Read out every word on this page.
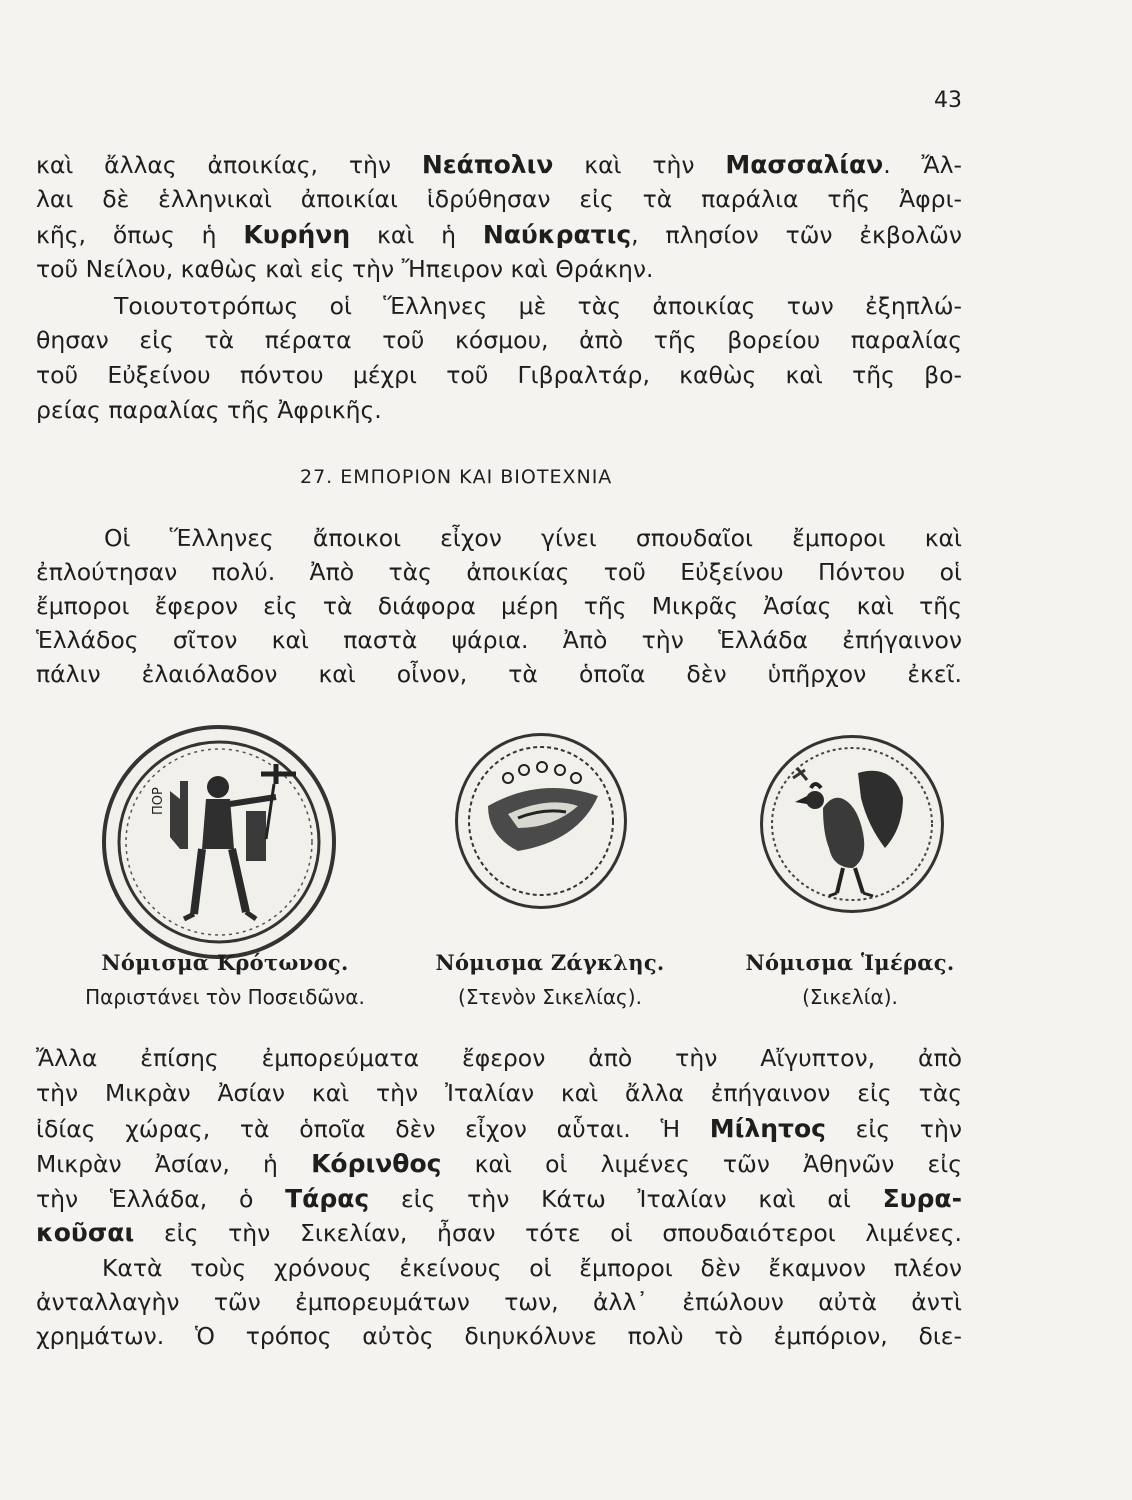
43

καὶ ἄλλας ἀποικίας, τὴν Νεάπολιν καὶ τὴν Μασσαλίαν. Ἄλ-

λαι δὲ ἑλληνικαὶ ἀποικίαι ἱδρύθησαν εἰς τὰ παράλια τῆς Ἀφρι-

κῆς, ὅπως ἡ Κυρήνη καὶ ἡ Ναύκρατις, πλησίον τῶν ἐκβολῶν

τοῦ Νείλου, καθὼς καὶ εἰς τὴν Ἤπειρον καὶ Θράκην.

Τοιουτοτρόπως οἱ Ἕλληνες μὲ τὰς ἀποικίας των ἐξηπλώ-

θησαν εἰς τὰ πέρατα τοῦ κόσμου, ἀπὸ τῆς βορείου παραλίας

τοῦ Εὐξείνου πόντου μέχρι τοῦ Γιβραλτάρ, καθὼς καὶ τῆς βο-

ρείας παραλίας τῆς Ἀφρικῆς.

27. ΕΜΠΟΡΙΟΝ ΚΑΙ ΒΙΟΤΕΧΝΙΑ

Οἱ Ἕλληνες ἄποικοι εἶχον γίνει σπουδαῖοι ἔμποροι καὶ

ἐπλούτησαν πολύ. Ἀπὸ τὰς ἀποικίας τοῦ Εὐξείνου Πόντου οἱ

ἔμποροι ἔφερον εἰς τὰ διάφορα μέρη τῆς Μικρᾶς Ἀσίας καὶ τῆς

Ἑλλάδος σῖτον καὶ παστὰ ψάρια. Ἀπὸ τὴν Ἑλλάδα ἐπήγαινον

πάλιν ἐλαιόλαδον καὶ οἶνον, τὰ ὁποῖα δὲν ὑπῆρχον ἐκεῖ.

ΠΟΡ
Νόμισμα Κρότωνος.
Παριστάνει τὸν Ποσειδῶνα.
Νόμισμα Ζάγκλης.
(Στενὸν Σικελίας).
Νόμισμα Ἱμέρας.
(Σικελία).

Ἄλλα ἐπίσης ἐμπορεύματα ἔφερον ἀπὸ τὴν Αἴγυπτον, ἀπὸ

τὴν Μικρὰν Ἀσίαν καὶ τὴν Ἰταλίαν καὶ ἄλλα ἐπήγαινον εἰς τὰς

ἰδίας χώρας, τὰ ὁποῖα δὲν εἶχον αὗται. Ἡ Μίλητος εἰς τὴν

Μικρὰν Ἀσίαν, ἡ Κόρινθος καὶ οἱ λιμένες τῶν Ἀθηνῶν εἰς

τὴν Ἑλλάδα, ὁ Τάρας εἰς τὴν Κάτω Ἰταλίαν καὶ αἱ Συρα-

κοῦσαι εἰς τὴν Σικελίαν, ἦσαν τότε οἱ σπουδαιότεροι λιμένες.

Κατὰ τοὺς χρόνους ἐκείνους οἱ ἔμποροι δὲν ἔκαμνον πλέον

ἀνταλλαγὴν τῶν ἐμπορευμάτων των, ἀλλ᾽ ἐπώλουν αὐτὰ ἀντὶ

χρημάτων. Ὁ τρόπος αὐτὸς διηυκόλυνε πολὺ τὸ ἐμπόριον, διε-
